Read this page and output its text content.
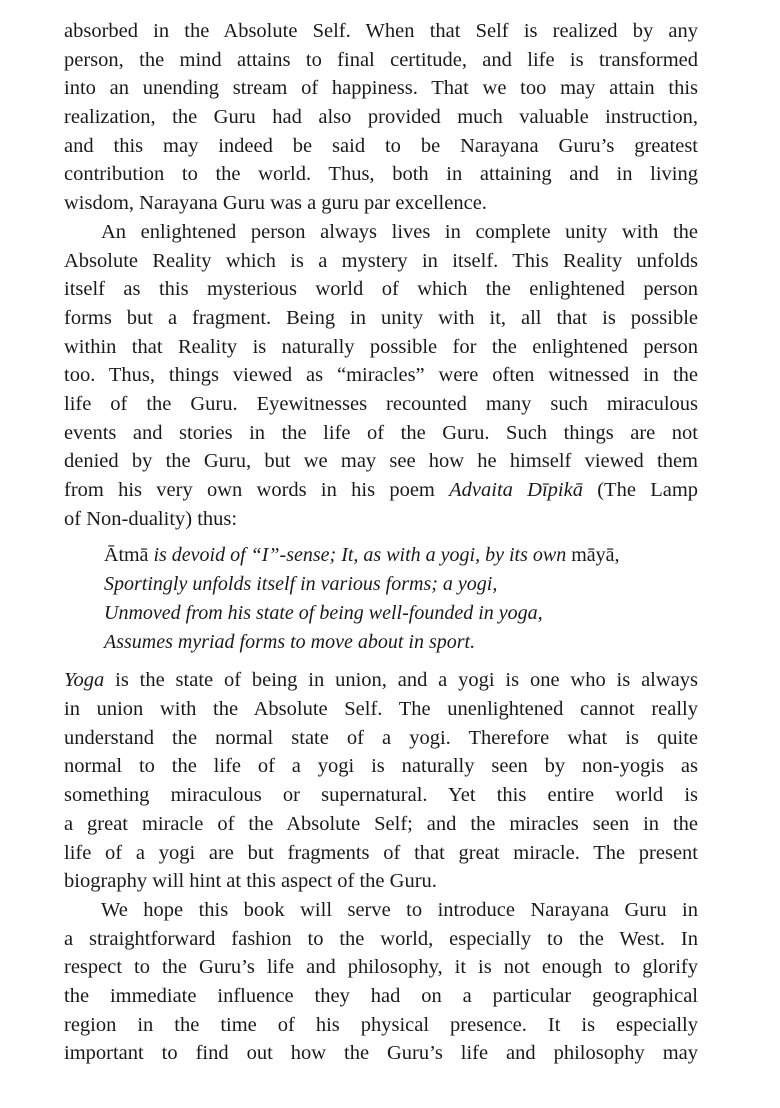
absorbed in the Absolute Self. When that Self is realized by any
person, the mind attains to final certitude, and life is transformed
into an unending stream of happiness. That we too may attain this
realization, the Guru had also provided much valuable instruction,
and this may indeed be said to be Narayana Guru’s greatest
contribution to the world. Thus, both in attaining and in living
wisdom, Narayana Guru was a guru par excellence.
An enlightened person always lives in complete unity with the
Absolute Reality which is a mystery in itself. This Reality unfolds
itself as this mysterious world of which the enlightened person
forms but a fragment. Being in unity with it, all that is possible
within that Reality is naturally possible for the enlightened person
too. Thus, things viewed as “miracles” were often witnessed in the
life of the Guru. Eyewitnesses recounted many such miraculous
events and stories in the life of the Guru. Such things are not
denied by the Guru, but we may see how he himself viewed them
from his very own words in his poem Advaita Dīpikā (The Lamp
of Non-duality) thus:
Ātmā is devoid of “I”-sense; It, as with a yogi, by its own māyā,
Sportingly unfolds itself in various forms; a yogi,
Unmoved from his state of being well-founded in yoga,
Assumes myriad forms to move about in sport.
Yoga is the state of being in union, and a yogi is one who is always
in union with the Absolute Self. The unenlightened cannot really
understand the normal state of a yogi. Therefore what is quite
normal to the life of a yogi is naturally seen by non-yogis as
something miraculous or supernatural. Yet this entire world is
a great miracle of the Absolute Self; and the miracles seen in the
life of a yogi are but fragments of that great miracle. The present
biography will hint at this aspect of the Guru.
We hope this book will serve to introduce Narayana Guru in
a straightforward fashion to the world, especially to the West. In
respect to the Guru’s life and philosophy, it is not enough to glorify
the immediate influence they had on a particular geographical
region in the time of his physical presence. It is especially
important to find out how the Guru’s life and philosophy may
